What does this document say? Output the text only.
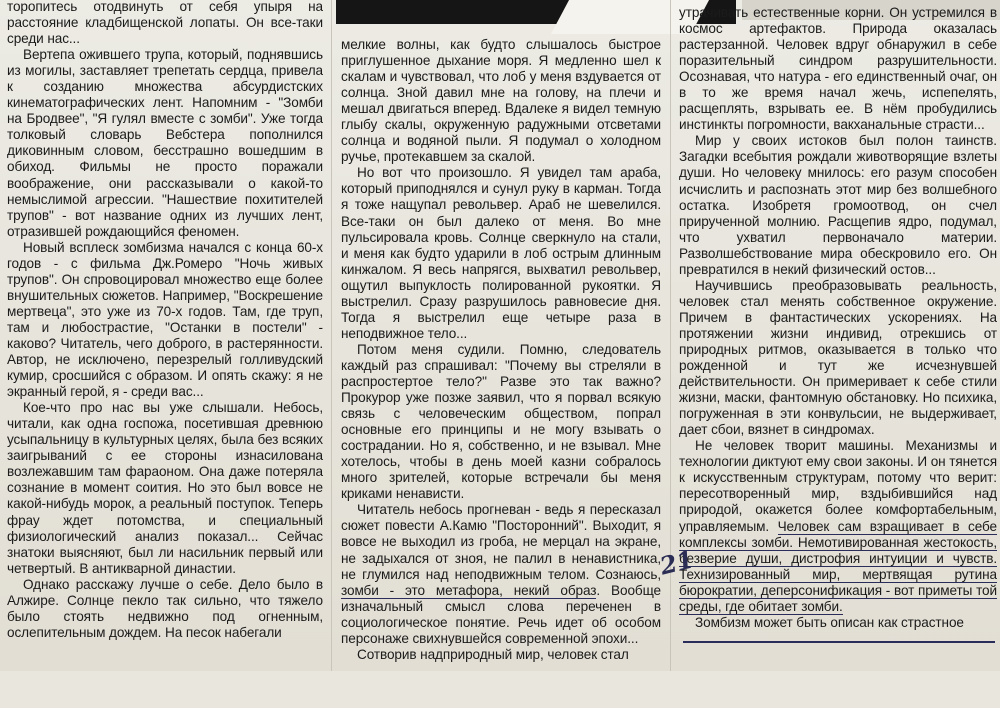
торопитесь отодвинуть от себя упыря на расстояние кладбищенской лопаты. Он все-таки среди нас...

Вертепа ожившего трупа, который, поднявшись из могилы, заставляет трепетать сердца, привела к созданию множества абсурдистских кинематографических лент. Напомним - "Зомби на Бродвее", "Я гулял вместе с зомби". Уже тогда толковый словарь Вебстера пополнился диковинным словом, бесстрашно вошедшим в обиход. Фильмы не просто поражали воображение, они рассказывали о какой-то немыслимой агрессии. "Нашествие похитителей трупов" - вот название одних из лучших лент, отразившей рождающийся феномен.

Новый всплеск зомбизма начался с конца 60-х годов - с фильма Дж.Ромеро "Ночь живых трупов". Он спровоцировал множество еще более внушительных сюжетов. Например, "Воскрешение мертвеца", это уже из 70-х годов. Там, где труп, там и любострастие, "Останки в постели" - каково? Читатель, чего доброго, в растерянности. Автор, не исключено, перезрелый голливудский кумир, сросшийся с образом. И опять скажу: я не экранный герой, я - среди вас...

Кое-что про нас вы уже слышали. Небось, читали, как одна госпожа, посетившая древнюю усыпальницу в культурных целях, была без всяких заигрываний с ее стороны изнасилована возлежавшим там фараоном. Она даже потеряла сознание в момент соития. Но это был вовсе не какой-нибудь морок, а реальный поступок. Теперь фрау ждет потомства, и специальный физиологический анализ показал... Сейчас знатоки выясняют, был ли насильник первый или четвертый. В антикварной династии.

Однако расскажу лучше о себе. Дело было в Алжире. Солнце пекло так сильно, что тяжело было стоять недвижно под огненным, ослепительным дождем. На песок набегали

мелкие волны, как будто слышалось быстрое приглушенное дыхание моря. Я медленно шел к скалам и чувствовал, что лоб у меня вздувается от солнца. Зной давил мне на голову, на плечи и мешал двигаться вперед. Вдалеке я видел темную глыбу скалы, окруженную радужными отсветами солнца и водяной пыли. Я подумал о холодном ручье, протекавшем за скалой.

Но вот что произошло. Я увидел там араба, который приподнялся и сунул руку в карман. Тогда я тоже нащупал револьвер. Араб не шевелился. Все-таки он был далеко от меня. Во мне пульсировала кровь. Солнце сверкнуло на стали, и меня как будто ударили в лоб острым длинным кинжалом. Я весь напрягся, выхватил револьвер, ощутил выпуклость полированной рукоятки. Я выстрелил. Сразу разрушилось равновесие дня. Тогда я выстрелил еще четыре раза в неподвижное тело...

Потом меня судили. Помню, следователь каждый раз спрашивал: "Почему вы стреляли в распростертое тело?" Разве это так важно? Прокурор уже позже заявил, что я порвал всякую связь с человеческим обществом, попрал основные его принципы и не могу взывать о сострадании. Но я, собственно, и не взывал. Мне хотелось, чтобы в день моей казни собралось много зрителей, которые встречали бы меня криками ненависти.

Читатель небось прогневан - ведь я пересказал сюжет повести А.Камю "Посторонний". Выходит, я вовсе не выходил из гроба, не мерцал на экране, не задыхался от зноя, не палил в ненавистника, не глумился над неподвижным телом. Сознаюсь, зомби - это метафора, некий образ. Вообще изначальный смысл слова переченен в социологическое понятие. Речь идет об особом персонаже свихнувшейся современной эпохи...

Сотворив надприродный мир, человек стал

утрачивать естественные корни. Он устремился в космос артефактов. Природа оказалась растерзанной. Человек вдруг обнаружил в себе поразительный синдром разрушительности. Осознавая, что натура - его единственный очаг, он в то же время начал жечь, испепелять, расщеплять, взрывать ее. В нём пробудились инстинкты погромности, вакханальные страсти...

Мир у своих истоков был полон таинств. Загадки всебытия рождали животворящие взлеты души. Но человеку мнилось: его разум способен исчислить и распознать этот мир без волшебного остатка. Изобретя громоотвод, он счел прирученной молнию. Расщепив ядро, подумал, что ухватил первоначало материи. Разволшебствование мира обескровило его. Он превратился в некий физический остов...

Научившись преобразовывать реальность, человек стал менять собственное окружение. Причем в фантастических ускорениях. На протяжении жизни индивид, отрекшись от природных ритмов, оказывается в только что рожденной и тут же исчезнувшей действительности. Он примеривает к себе стили жизни, маски, фантомную обстановку. Но психика, погруженная в эти конвульсии, не выдерживает, дает сбои, вязнет в синдромах.

Не человек творит машины. Механизмы и технологии диктуют ему свои законы. И он тянется к искусственным структурам, потому что верит: пересотворенный мир, вздыбившийся над природой, окажется более комфортабельным, управляемым. Человек сам взращивает в себе комплексы зомби. Немотивированная жестокость, безверие души, дистрофия интуиции и чувств. Технизированный мир, мертвящая рутина бюрократии, деперсонификация - вот приметы той среды, где обитает зомби.

Зомбизм может быть описан как страстное

21
